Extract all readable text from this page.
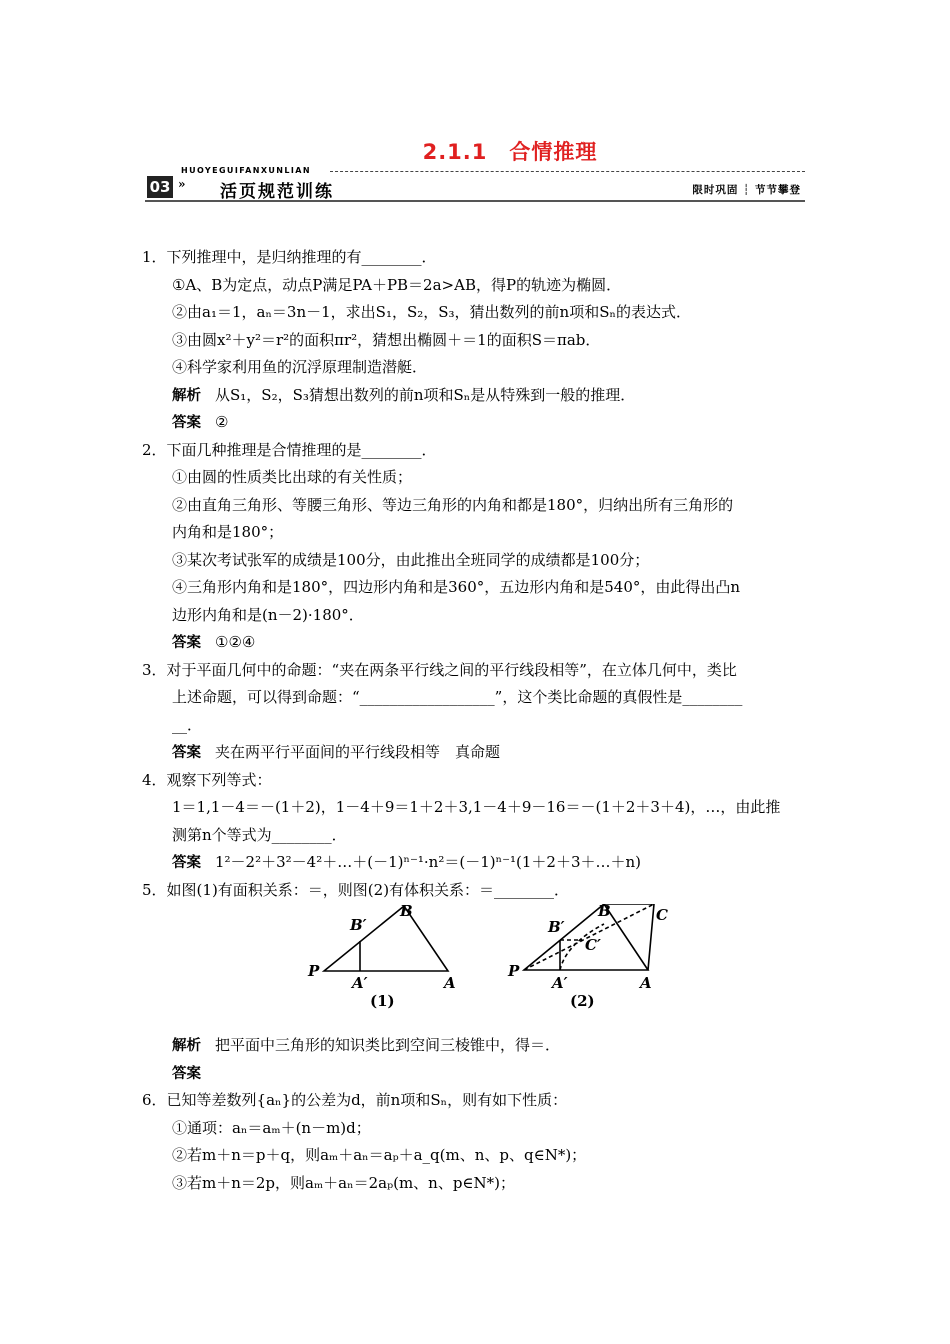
2.1.1　合情推理
HUOYEGUIFANXUNLIAN
03 » 活页规范训练	限时巩固 ┆ 节节攀登
1．下列推理中，是归纳推理的有________．
①A、B为定点，动点P满足PA＋PB＝2a>AB，得P的轨迹为椭圆．
②由a₁＝1，aₙ＝3n－1，求出S₁，S₂，S₃，猜出数列的前n项和Sₙ的表达式．
③由圆x²＋y²＝r²的面积πr²，猜想出椭圆＋＝1的面积S＝πab．
④科学家利用鱼的沉浮原理制造潜艇．
解析 从S₁，S₂，S₃猜想出数列的前n项和Sₙ是从特殊到一般的推理．
答案 ②
2．下面几种推理是合情推理的是________．
①由圆的性质类比出球的有关性质；
②由直角三角形、等腰三角形、等边三角形的内角和都是180°，归纳出所有三角形的
内角和是180°；
③某次考试张军的成绩是100分，由此推出全班同学的成绩都是100分；
④三角形内角和是180°，四边形内角和是360°，五边形内角和是540°，由此得出凸n
边形内角和是(n－2)·180°．
答案 ①②④
3．对于平面几何中的命题：“夹在两条平行线之间的平行线段相等”，在立体几何中，类比
上述命题，可以得到命题：“__________________”，这个类比命题的真假性是________
__．
答案 夹在两平行平面间的平行线段相等　真命题
4．观察下列等式：
1＝1,1－4＝－(1＋2)，1－4＋9＝1＋2＋3,1－4＋9－16＝－(1＋2＋3＋4)，…，由此推
测第n个等式为________．
答案 1²－2²＋3²－4²＋…＋(－1)ⁿ⁻¹·n²＝(－1)ⁿ⁻¹(1＋2＋3＋…＋n)
5．如图(1)有面积关系：＝，则图(2)有体积关系：＝________．
P
B
B′
A′	A
(1)
P
B	C
B′
C′
A′	A
(2)
解析 把平面中三角形的知识类比到空间三棱锥中，得＝．
答案
6．已知等差数列{aₙ}的公差为d，前n项和Sₙ，则有如下性质：
①通项：aₙ＝aₘ＋(n－m)d；
②若m＋n＝p＋q，则aₘ＋aₙ＝aₚ＋a_q(m、n、p、q∈N*)；
③若m＋n＝2p，则aₘ＋aₙ＝2aₚ(m、n、p∈N*)；
